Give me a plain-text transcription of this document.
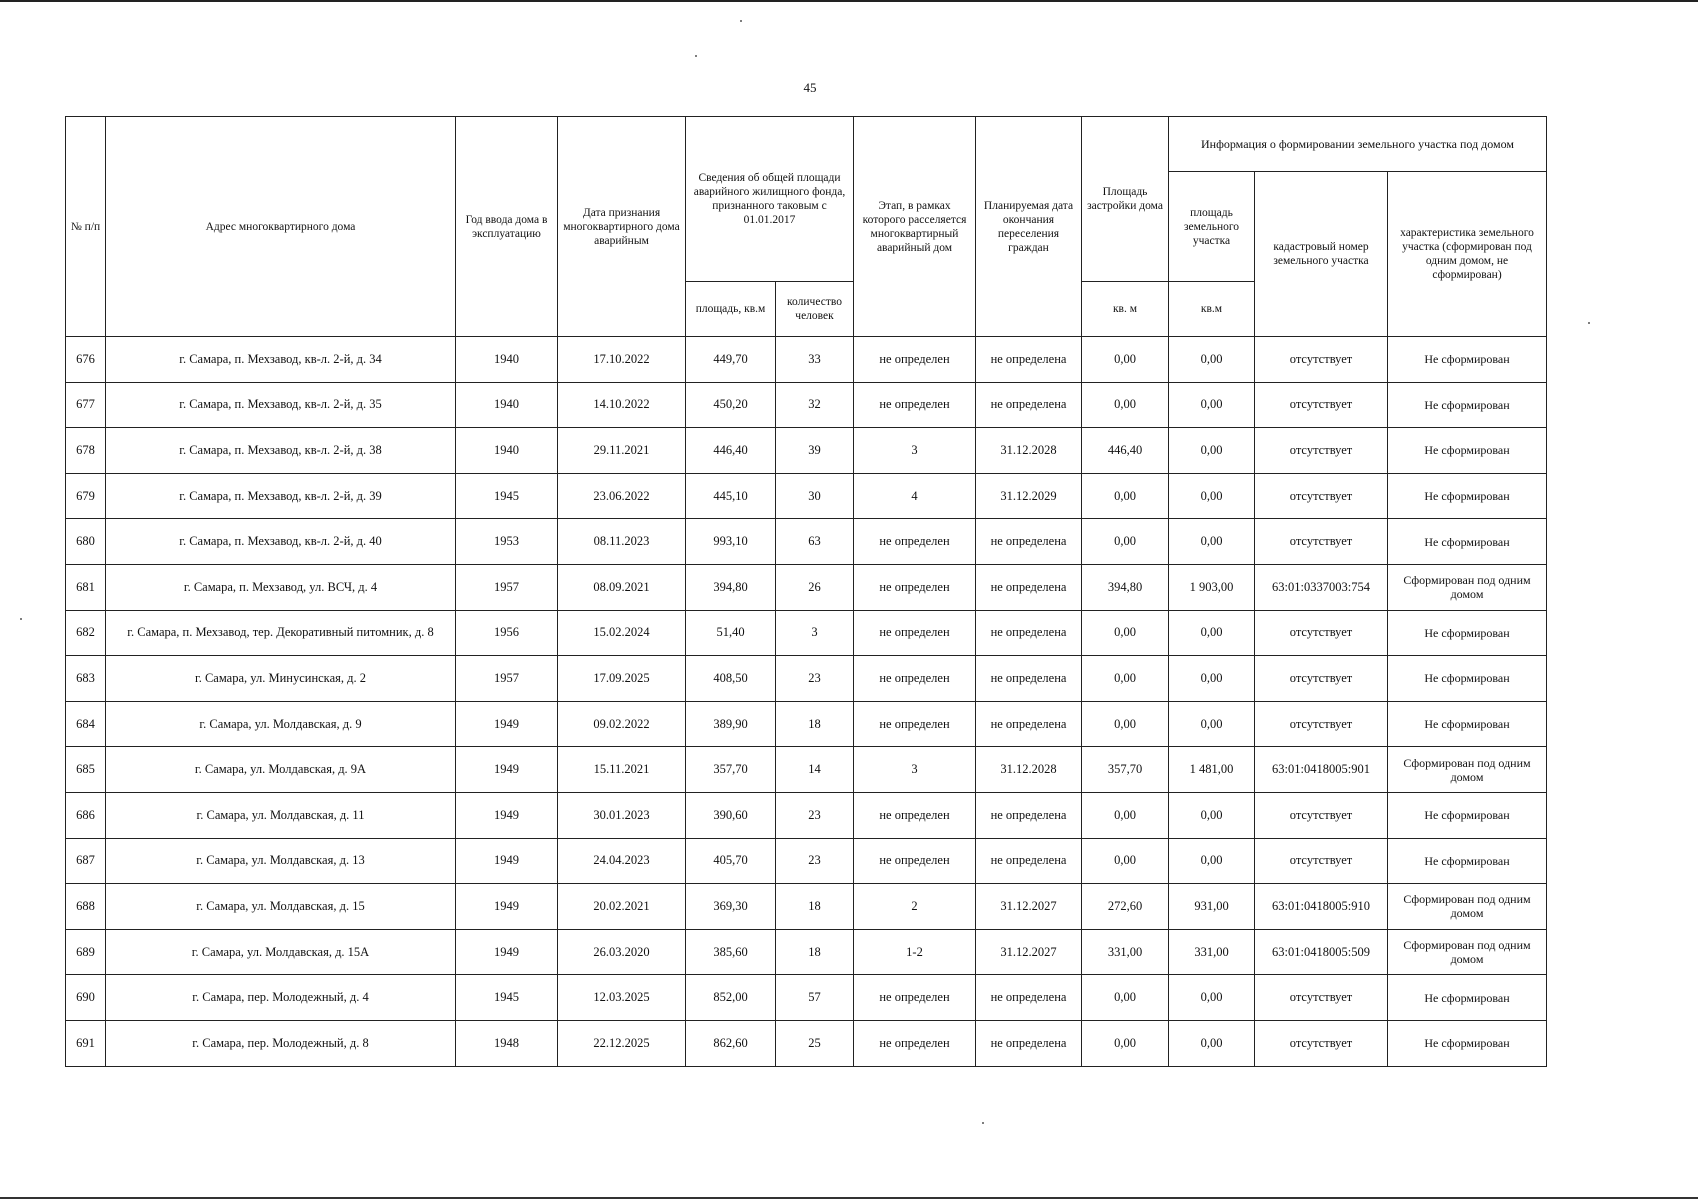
45
№ п/п	Адрес многоквартирного дома	Год ввода дома в эксплуатацию	Дата признания многоквартирного дома аварийным	Сведения об общей площади аварийного жилищного фонда, признанного таковым с 01.01.2017		Этап, в рамках которого расселяется многоквартирный аварийный дом	Планируемая дата окончания переселения граждан	Площадь застройки дома	Информация о формировании земельного участка под домом		
									площадь земельного участка	кадастровый номер земельного участка	характеристика земельного участка (сформирован под одним домом, не сформирован)
				площадь, кв.м	количество человек			кв. м	кв.м		
676	г. Самара, п. Мехзавод, кв-л. 2-й, д. 34	1940	17.10.2022	449,70	33	не определен	не определена	0,00	0,00	отсутствует	Не сформирован
677	г. Самара, п. Мехзавод, кв-л. 2-й, д. 35	1940	14.10.2022	450,20	32	не определен	не определена	0,00	0,00	отсутствует	Не сформирован
678	г. Самара, п. Мехзавод, кв-л. 2-й, д. 38	1940	29.11.2021	446,40	39	3	31.12.2028	446,40	0,00	отсутствует	Не сформирован
679	г. Самара, п. Мехзавод, кв-л. 2-й, д. 39	1945	23.06.2022	445,10	30	4	31.12.2029	0,00	0,00	отсутствует	Не сформирован
680	г. Самара, п. Мехзавод, кв-л. 2-й, д. 40	1953	08.11.2023	993,10	63	не определен	не определена	0,00	0,00	отсутствует	Не сформирован
681	г. Самара, п. Мехзавод, ул. ВСЧ, д. 4	1957	08.09.2021	394,80	26	не определен	не определена	394,80	1 903,00	63:01:0337003:754	Сформирован под одним домом
682	г. Самара, п. Мехзавод, тер. Декоративный питомник, д. 8	1956	15.02.2024	51,40	3	не определен	не определена	0,00	0,00	отсутствует	Не сформирован
683	г. Самара, ул. Минусинская, д. 2	1957	17.09.2025	408,50	23	не определен	не определена	0,00	0,00	отсутствует	Не сформирован
684	г. Самара, ул. Молдавская, д. 9	1949	09.02.2022	389,90	18	не определен	не определена	0,00	0,00	отсутствует	Не сформирован
685	г. Самара, ул. Молдавская, д. 9А	1949	15.11.2021	357,70	14	3	31.12.2028	357,70	1 481,00	63:01:0418005:901	Сформирован под одним домом
686	г. Самара, ул. Молдавская, д. 11	1949	30.01.2023	390,60	23	не определен	не определена	0,00	0,00	отсутствует	Не сформирован
687	г. Самара, ул. Молдавская, д. 13	1949	24.04.2023	405,70	23	не определен	не определена	0,00	0,00	отсутствует	Не сформирован
688	г. Самара, ул. Молдавская, д. 15	1949	20.02.2021	369,30	18	2	31.12.2027	272,60	931,00	63:01:0418005:910	Сформирован под одним домом
689	г. Самара, ул. Молдавская, д. 15А	1949	26.03.2020	385,60	18	1-2	31.12.2027	331,00	331,00	63:01:0418005:509	Сформирован под одним домом
690	г. Самара, пер. Молодежный, д. 4	1945	12.03.2025	852,00	57	не определен	не определена	0,00	0,00	отсутствует	Не сформирован
691	г. Самара, пер. Молодежный, д. 8	1948	22.12.2025	862,60	25	не определен	не определена	0,00	0,00	отсутствует	Не сформирован
